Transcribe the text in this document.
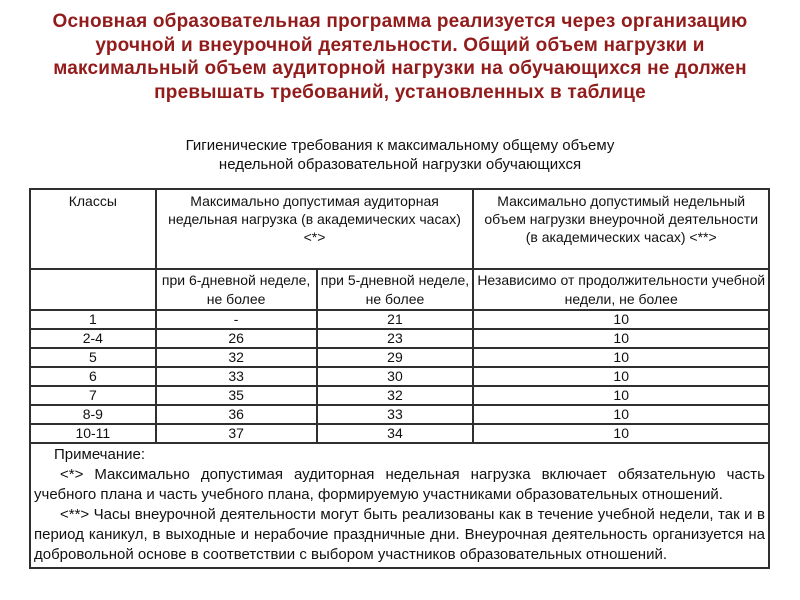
Основная образовательная программа реализуется через организацию
урочной и внеурочной деятельности. Общий объем нагрузки и
максимальный объем аудиторной нагрузки на обучающихся не должен
превышать требований, установленных в таблице
Гигиенические требования к максимальному общему объему
недельной образовательной нагрузки обучающихся
Классы	Максимально допустимая аудиторная недельная нагрузка (в академических часах) <*>		Максимально допустимый недельный объем нагрузки внеурочной деятельности (в академических часах) <**>
	при 6-дневной неделе, не более	при 5-дневной неделе, не более	Независимо от продолжительности учебной недели, не более
1	-	21	10
2-4	26	23	10
5	32	29	10
6	33	30	10
7	35	32	10
8-9	36	33	10
10-11	37	34	10

Примечание:

<*> Максимально допустимая аудиторная недельная нагрузка включает обязательную часть учебного плана и часть учебного плана, формируемую участниками образовательных отношений.

<**> Часы внеурочной деятельности могут быть реализованы как в течение учебной недели, так и в период каникул, в выходные и нерабочие праздничные дни. Внеурочная деятельность организуется на добровольной основе в соответствии с выбором участников образовательных отношений.			
